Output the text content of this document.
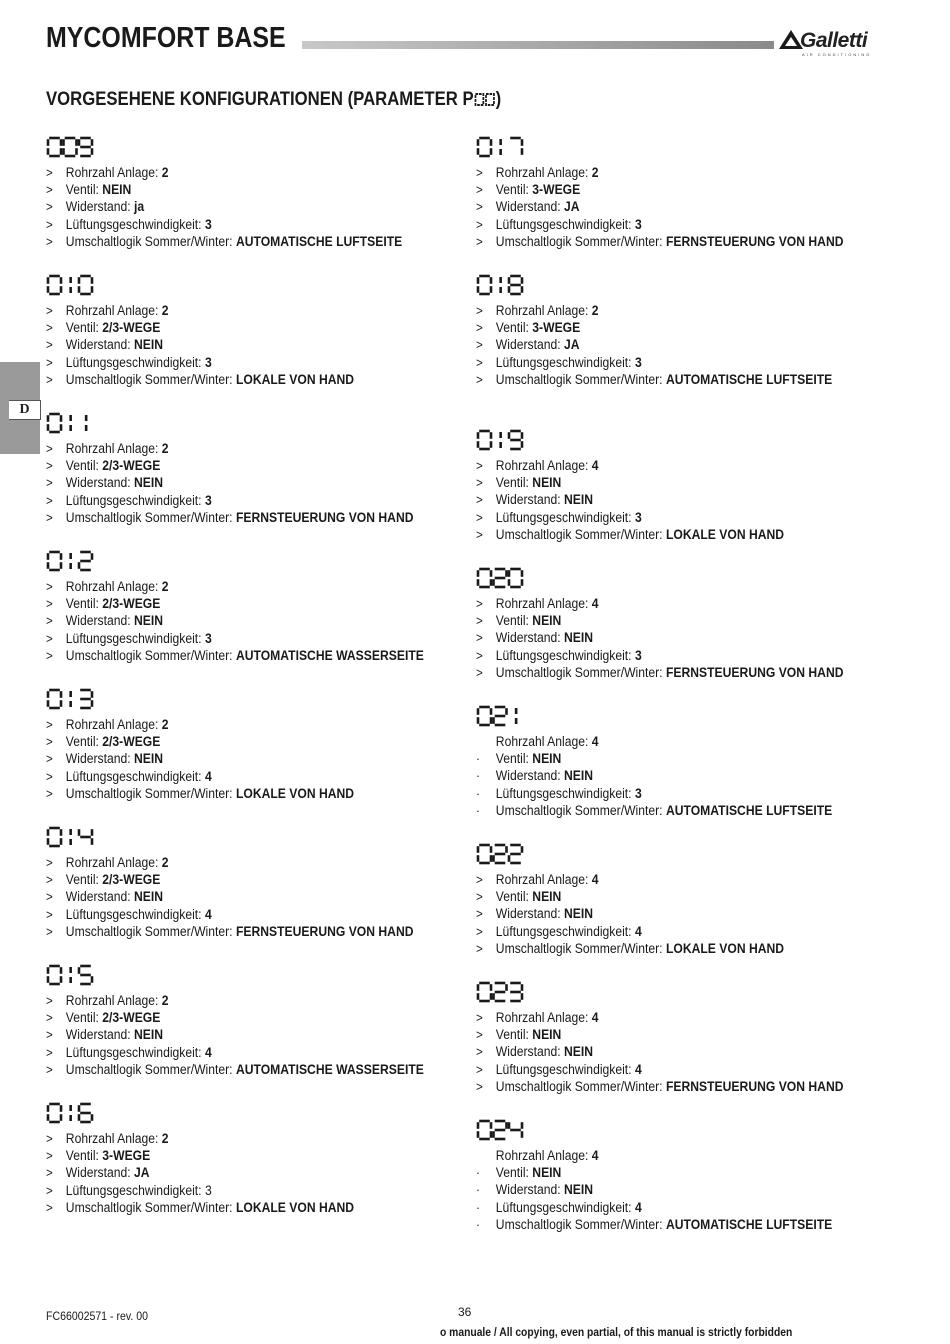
MYCOMFORT BASE	Galletti
AIR CONDITIONING
VORGESEHENE KONFIGURATIONEN (PARAMETER P )
D
> Rohrzahl Anlage: 2
> Ventil: NEIN
> Widerstand: ja
> Lüftungsgeschwindigkeit: 3
> Umschaltlogik Sommer/Winter: AUTOMATISCHE LUFTSEITE
> Rohrzahl Anlage: 2
> Ventil: 2/3-WEGE
> Widerstand: NEIN
> Lüftungsgeschwindigkeit: 3
> Umschaltlogik Sommer/Winter: LOKALE VON HAND
> Rohrzahl Anlage: 2
> Ventil: 2/3-WEGE
> Widerstand: NEIN
> Lüftungsgeschwindigkeit: 3
> Umschaltlogik Sommer/Winter: FERNSTEUERUNG VON HAND
> Rohrzahl Anlage: 2
> Ventil: 2/3-WEGE
> Widerstand: NEIN
> Lüftungsgeschwindigkeit: 3
> Umschaltlogik Sommer/Winter: AUTOMATISCHE WASSERSEITE
> Rohrzahl Anlage: 2
> Ventil: 2/3-WEGE
> Widerstand: NEIN
> Lüftungsgeschwindigkeit: 4
> Umschaltlogik Sommer/Winter: LOKALE VON HAND
> Rohrzahl Anlage: 2
> Ventil: 2/3-WEGE
> Widerstand: NEIN
> Lüftungsgeschwindigkeit: 4
> Umschaltlogik Sommer/Winter: FERNSTEUERUNG VON HAND
> Rohrzahl Anlage: 2
> Ventil: 2/3-WEGE
> Widerstand: NEIN
> Lüftungsgeschwindigkeit: 4
> Umschaltlogik Sommer/Winter: AUTOMATISCHE WASSERSEITE
> Rohrzahl Anlage: 2
> Ventil: 3-WEGE
> Widerstand: JA
> Lüftungsgeschwindigkeit: 3
> Umschaltlogik Sommer/Winter: LOKALE VON HAND
> Rohrzahl Anlage: 2
> Ventil: 3-WEGE
> Widerstand: JA
> Lüftungsgeschwindigkeit: 3
> Umschaltlogik Sommer/Winter: FERNSTEUERUNG VON HAND
> Rohrzahl Anlage: 2
> Ventil: 3-WEGE
> Widerstand: JA
> Lüftungsgeschwindigkeit: 3
> Umschaltlogik Sommer/Winter: AUTOMATISCHE LUFTSEITE
> Rohrzahl Anlage: 4
> Ventil: NEIN
> Widerstand: NEIN
> Lüftungsgeschwindigkeit: 3
> Umschaltlogik Sommer/Winter: LOKALE VON HAND
> Rohrzahl Anlage: 4
> Ventil: NEIN
> Widerstand: NEIN
> Lüftungsgeschwindigkeit: 3
> Umschaltlogik Sommer/Winter: FERNSTEUERUNG VON HAND
Rohrzahl Anlage: 4
· Ventil: NEIN
· Widerstand: NEIN
· Lüftungsgeschwindigkeit: 3
· Umschaltlogik Sommer/Winter: AUTOMATISCHE LUFTSEITE
> Rohrzahl Anlage: 4
> Ventil: NEIN
> Widerstand: NEIN
> Lüftungsgeschwindigkeit: 4
> Umschaltlogik Sommer/Winter: LOKALE VON HAND
> Rohrzahl Anlage: 4
> Ventil: NEIN
> Widerstand: NEIN
> Lüftungsgeschwindigkeit: 4
> Umschaltlogik Sommer/Winter: FERNSTEUERUNG VON HAND
Rohrzahl Anlage: 4
· Ventil: NEIN
· Widerstand: NEIN
· Lüftungsgeschwindigkeit: 4
· Umschaltlogik Sommer/Winter: AUTOMATISCHE LUFTSEITE
FC66002571 - rev. 00	36
o manuale / All copying, even partial, of this manual is strictly forbidden
